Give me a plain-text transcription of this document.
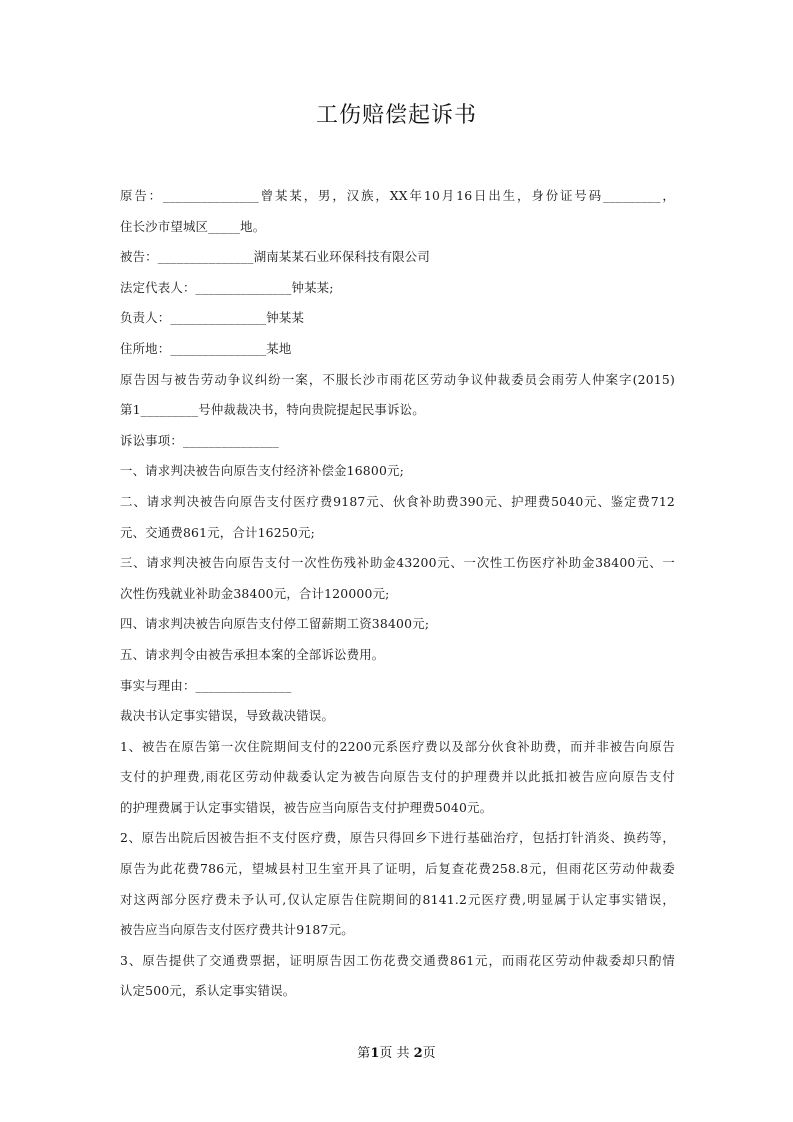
工伤赔偿起诉书
原告：_______________曾某某，男，汉族，XX年10月16日出生，身份证号码_________，
住长沙市望城区_____地。
被告：_______________湖南某某石业环保科技有限公司
法定代表人：_______________钟某某;
负责人：_______________钟某某
住所地：_______________某地
原告因与被告劳动争议纠纷一案，不服长沙市雨花区劳动争议仲裁委员会雨劳人仲案字(2015)
第1_________号仲裁裁决书，特向贵院提起民事诉讼。
诉讼事项：_______________
一、请求判决被告向原告支付经济补偿金16800元;
二、请求判决被告向原告支付医疗费9187元、伙食补助费390元、护理费5040元、鉴定费712
元、交通费861元，合计16250元;
三、请求判决被告向原告支付一次性伤残补助金43200元、一次性工伤医疗补助金38400元、一
次性伤残就业补助金38400元，合计120000元;
四、请求判决被告向原告支付停工留薪期工资38400元;
五、请求判令由被告承担本案的全部诉讼费用。
事实与理由：_______________
裁决书认定事实错误，导致裁决错误。
1、被告在原告第一次住院期间支付的2200元系医疗费以及部分伙食补助费，而并非被告向原告
支付的护理费,雨花区劳动仲裁委认定为被告向原告支付的护理费并以此抵扣被告应向原告支付
的护理费属于认定事实错误，被告应当向原告支付护理费5040元。
2、原告出院后因被告拒不支付医疗费，原告只得回乡下进行基础治疗，包括打针消炎、换药等，
原告为此花费786元，望城县村卫生室开具了证明，后复查花费258.8元，但雨花区劳动仲裁委
对这两部分医疗费未予认可,仅认定原告住院期间的8141.2元医疗费,明显属于认定事实错误，
被告应当向原告支付医疗费共计9187元。
3、原告提供了交通费票据，证明原告因工伤花费交通费861元，而雨花区劳动仲裁委却只酌情
认定500元，系认定事实错误。
第1页 共 2页
